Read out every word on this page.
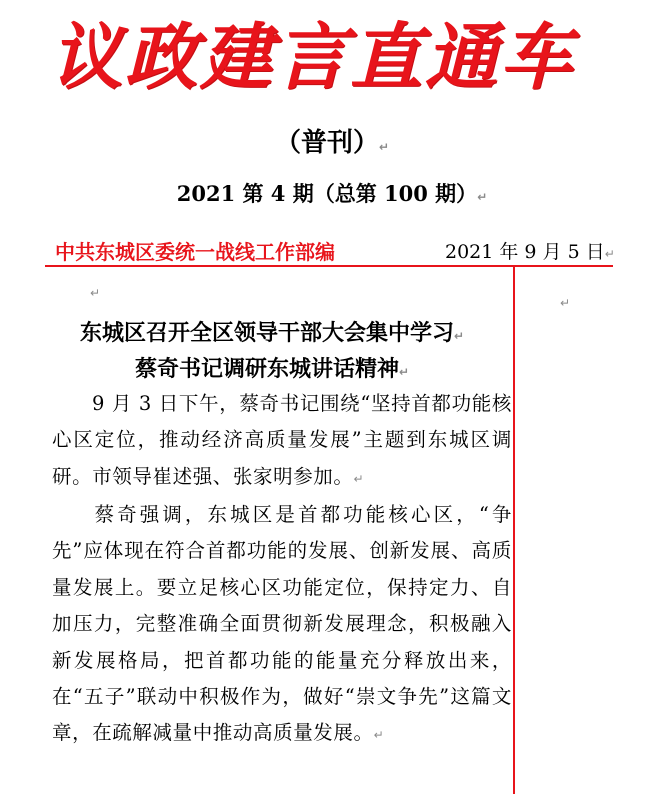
议政建言直通车
（普刊）↵
2021 第 4 期（总第 100 期）↵
中共东城区委统一战线工作部编	2021 年 9 月 5 日↵
↵
↵
东城区召开全区领导干部大会集中学习↵
蔡奇书记调研东城讲话精神↵
9 月 3 日下午，蔡奇书记围绕“坚持首都功能核心区定位，推动经济高质量发展”主题到东城区调研。市领导崔述强、张家明参加。↵
蔡奇强调，东城区是首都功能核心区，“争先”应体现在符合首都功能的发展、创新发展、高质量发展上。要立足核心区功能定位，保持定力、自加压力，完整准确全面贯彻新发展理念，积极融入新发展格局，把首都功能的能量充分释放出来，在“五子”联动中积极作为，做好“崇文争先”这篇文章，在疏解减量中推动高质量发展。↵
